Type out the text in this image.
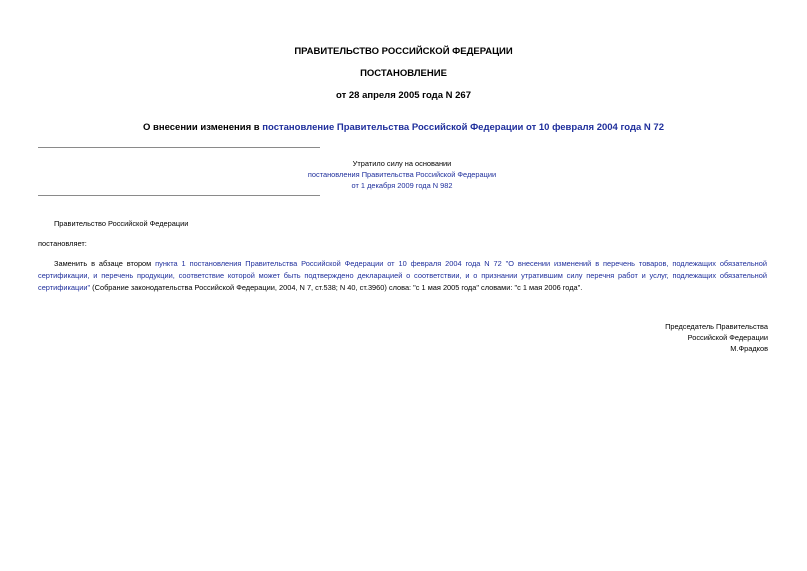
ПРАВИТЕЛЬСТВО РОССИЙСКОЙ ФЕДЕРАЦИИ
ПОСТАНОВЛЕНИЕ
от 28 апреля 2005 года N 267
О внесении изменения в постановление Правительства Российской Федерации от 10 февраля 2004 года N 72
Утратило силу на основании
постановления Правительства Российской Федерации
от 1 декабря 2009 года N 982
Правительство Российской Федерации
постановляет:
Заменить в абзаце втором пункта 1 постановления Правительства Российской Федерации от 10 февраля 2004 года N 72 "О внесении изменений в перечень товаров, подлежащих обязательной сертификации, и перечень продукции, соответствие которой может быть подтверждено декларацией о соответствии, и о признании утратившим силу перечня работ и услуг, подлежащих обязательной сертификации" (Собрание законодательства Российской Федерации, 2004, N 7, ст.538; N 40, ст.3960) слова: "с 1 мая 2005 года" словами: "с 1 мая 2006 года".
Председатель Правительства
Российской Федерации
М.Фрадков
